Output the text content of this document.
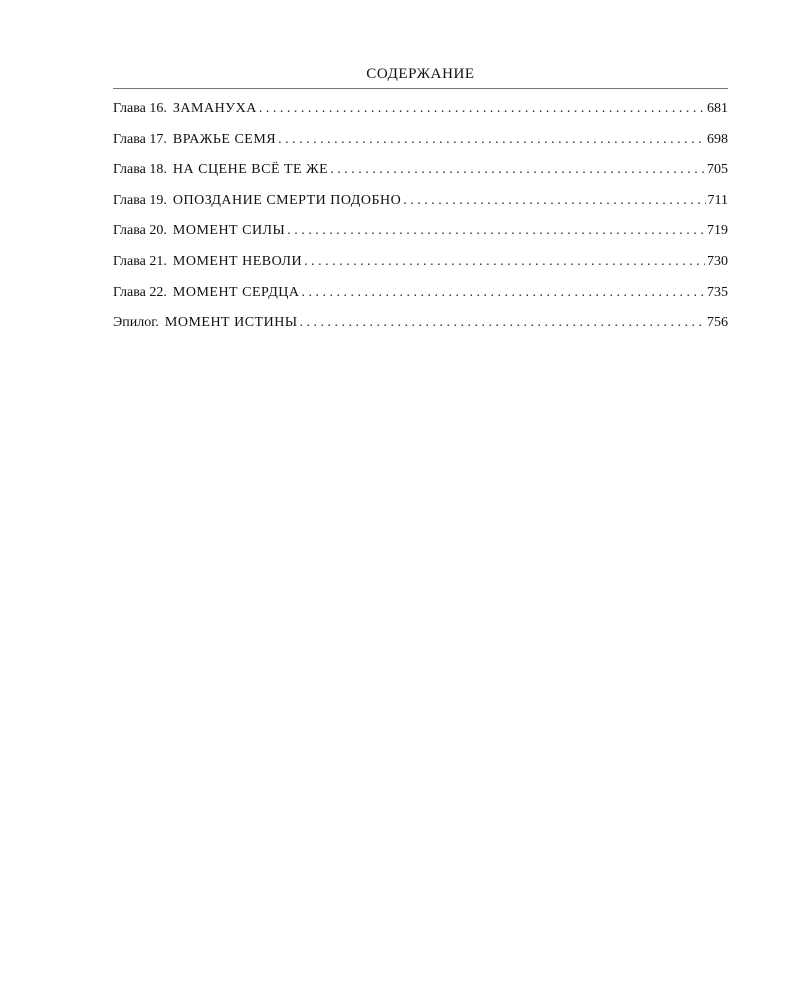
СОДЕРЖАНИЕ
Глава 16. ЗАМАНУХА . . .	681
Глава 17. ВРАЖЬЕ СЕМЯ . . .	698
Глава 18. НА СЦЕНЕ ВСЁ ТЕ ЖЕ . . .	705
Глава 19. ОПОЗДАНИЕ СМЕРТИ ПОДОБНО . . .	711
Глава 20. МОМЕНТ СИЛЫ . . .	719
Глава 21. МОМЕНТ НЕВОЛИ . . .	730
Глава 22. МОМЕНТ СЕРДЦА . . .	735
Эпилог. МОМЕНТ ИСТИНЫ . . .	756
